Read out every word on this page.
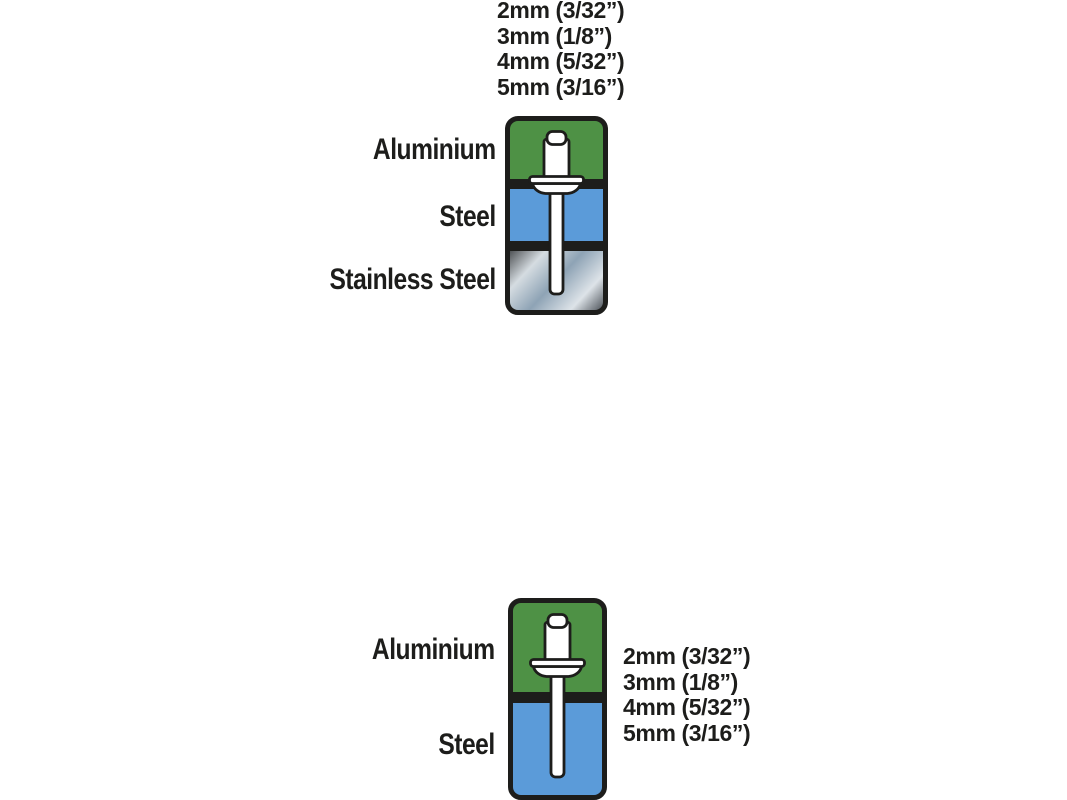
2mm (3/32”)
3mm (1/8”)
4mm (5/32”)
5mm (3/16”)
Aluminium
Steel
Stainless Steel
Aluminium
Steel
2mm (3/32”)
3mm (1/8”)
4mm (5/32”)
5mm (3/16”)
